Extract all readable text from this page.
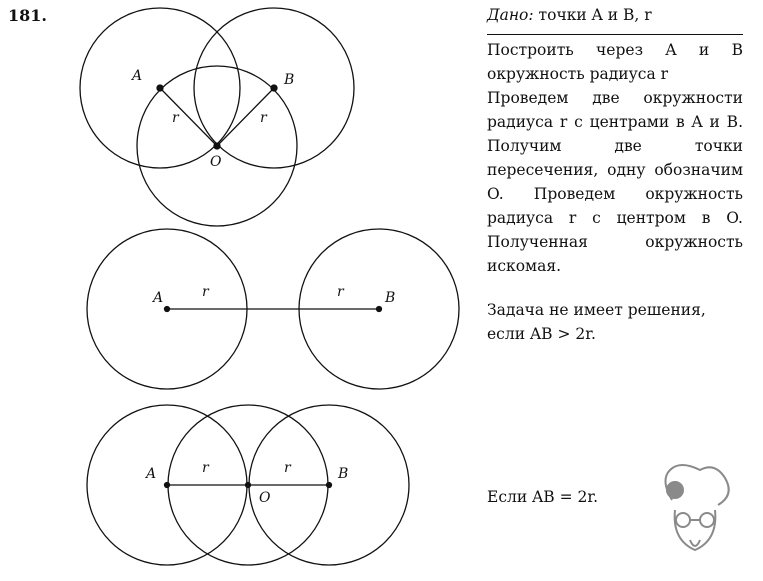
181.	Дано: точки A и B, r
Построить через A и B окружность радиуса r
Проведем две окружности радиуса r с центрами в A и B. Получим две точки пересечения, одну обозначим O. Проведем окружность радиуса r с центром в O. Полученная окружность искомая.
Задача не имеет решения, если AB > 2r.
Если AB = 2r.
A	B
O
r	r
A	B
r	r
A	B
O
r	r
